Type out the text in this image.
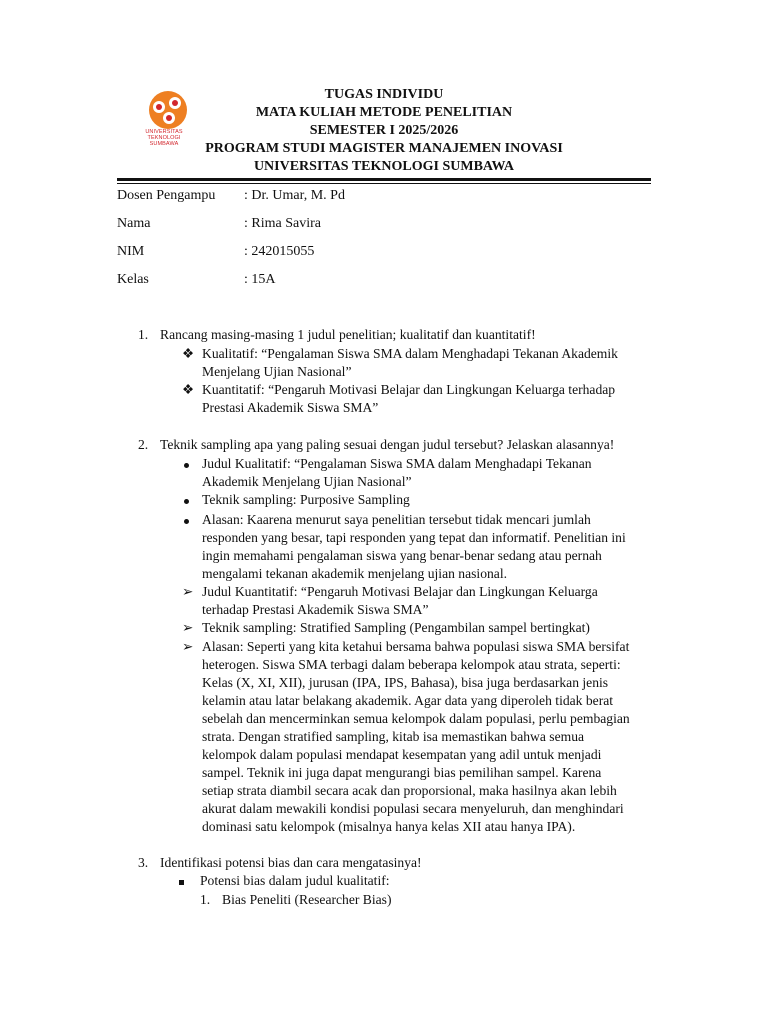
UNIVERSITAS
TEKNOLOGI
SUMBAWA
TUGAS INDIVIDU
MATA KULIAH METODE PENELITIAN
SEMESTER I 2025/2026
PROGRAM STUDI MAGISTER MANAJEMEN INOVASI
UNIVERSITAS TEKNOLOGI SUMBAWA
Dosen Pengampu : Dr. Umar, M. Pd
Nama	: Rima Savira
NIM	: 242015055
Kelas	: 15A
1. Rancang masing-masing 1 judul penelitian; kualitatif dan kuantitatif!
❖ Kualitatif: “Pengalaman Siswa SMA dalam Menghadapi Tekanan Akademik
Menjelang Ujian Nasional”
❖ Kuantitatif: “Pengaruh Motivasi Belajar dan Lingkungan Keluarga terhadap
Prestasi Akademik Siswa SMA”
2. Teknik sampling apa yang paling sesuai dengan judul tersebut? Jelaskan alasannya!
Judul Kualitatif: “Pengalaman Siswa SMA dalam Menghadapi Tekanan
Akademik Menjelang Ujian Nasional”
Teknik sampling: Purposive Sampling
Alasan: Kaarena menurut saya penelitian tersebut tidak mencari jumlah
responden yang besar, tapi responden yang tepat dan informatif. Penelitian ini
ingin memahami pengalaman siswa yang benar-benar sedang atau pernah
mengalami tekanan akademik menjelang ujian nasional.
➢ Judul Kuantitatif: “Pengaruh Motivasi Belajar dan Lingkungan Keluarga
terhadap Prestasi Akademik Siswa SMA”
➢ Teknik sampling: Stratified Sampling (Pengambilan sampel bertingkat)
➢ Alasan: Seperti yang kita ketahui bersama bahwa populasi siswa SMA bersifat
heterogen. Siswa SMA terbagi dalam beberapa kelompok atau strata, seperti:
Kelas (X, XI, XII), jurusan (IPA, IPS, Bahasa), bisa juga berdasarkan jenis
kelamin atau latar belakang akademik. Agar data yang diperoleh tidak berat
sebelah dan mencerminkan semua kelompok dalam populasi, perlu pembagian
strata. Dengan stratified sampling, kitab isa memastikan bahwa semua
kelompok dalam populasi mendapat kesempatan yang adil untuk menjadi
sampel. Teknik ini juga dapat mengurangi bias pemilihan sampel. Karena
setiap strata diambil secara acak dan proporsional, maka hasilnya akan lebih
akurat dalam mewakili kondisi populasi secara menyeluruh, dan menghindari
dominasi satu kelompok (misalnya hanya kelas XII atau hanya IPA).
3. Identifikasi potensi bias dan cara mengatasinya!
Potensi bias dalam judul kualitatif:
1. Bias Peneliti (Researcher Bias)
